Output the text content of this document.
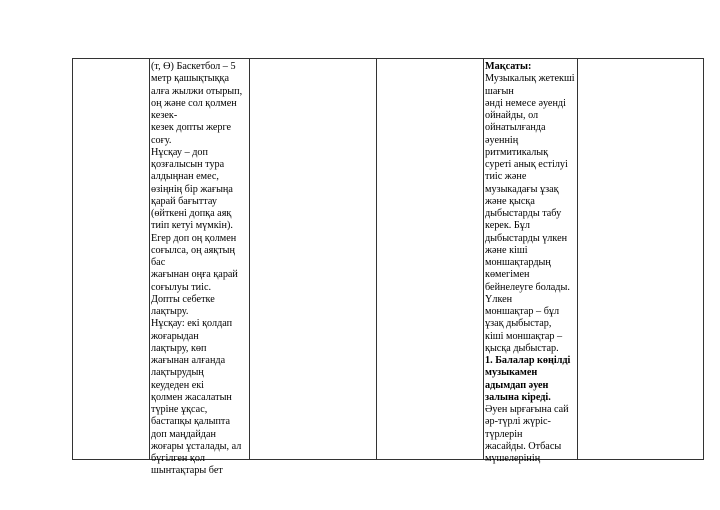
(т, Ө) Баскетбол – 5
метр қашықтыққа
алға жылжи отырып,
оң және сол қолмен
кезек-
кезек допты жерге
соғу.
Нұсқау – доп
қозғалысын тура
алдыңнан емес,
өзіңнің бір жағыңа
қарай бағыттау
(өйткені допқа аяқ
тиіп кетуі мүмкін).
Егер доп оң қолмен
соғылса, оң аяқтың
бас
жағынан оңға қарай
соғылуы тиіс.
Допты себетке
лақтыру.
Нұсқау: екі қолдап
жоғарыдан
лақтыру, көп
жағынан алғанда
лақтырудың
кеудеден екі
қолмен жасалатын
түріне ұқсас,
бастапқы қалыпта
доп маңдайдан
жоғары ұсталады, ал
бүгілген қол
шынтақтары бет
Мақсаты:
Музыкалық жетекші
шағын
әнді немесе әуенді
ойнайды, ол
ойнатылғанда
әуеннің
ритмитикалық
суреті анық естілуі
тиіс және
музыкадағы ұзақ
және қысқа
дыбыстарды табу
керек. Бұл
дыбыстарды үлкен
және кіші
моншақтардың
көмегімен
бейнелеуге болады.
Үлкен
моншақтар – бұл
ұзақ дыбыстар,
кіші моншақтар –
қысқа дыбыстар.
1. Балалар көңілді
музыкамен
адымдап әуен
залына кіреді.
Әуен ырғағына сай
әр-түрлі жүріс-
түрлерін
жасайды. Отбасы
мүшелерінің
